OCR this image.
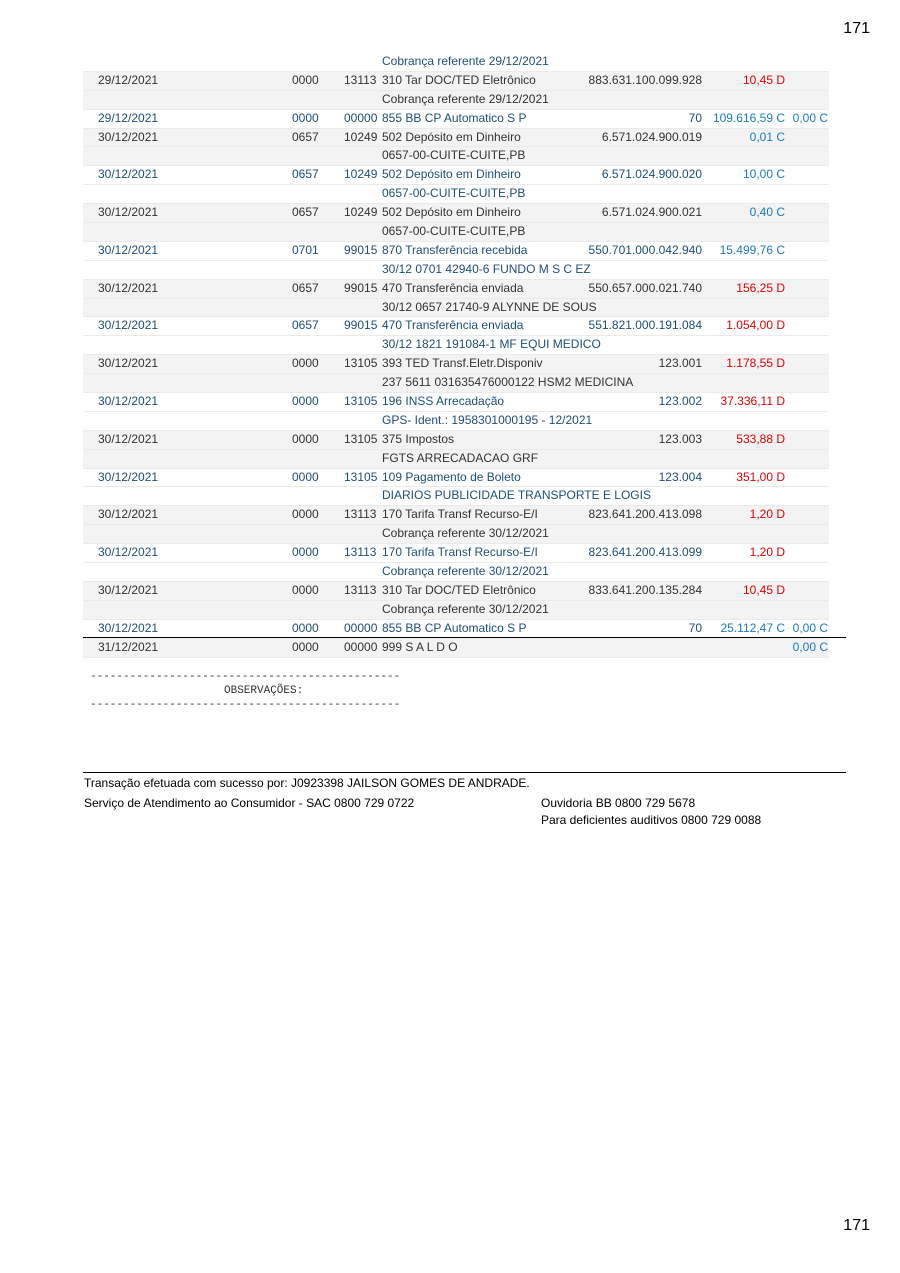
171
Cobrança referente 29/12/2021
29/12/2021	0000 13113 310 Tar DOC/TED Eletrônico	883.631.100.099.928	10,45 D
Cobrança referente 29/12/2021
29/12/2021	0000 00000 855 BB CP Automatico S P	70 109.616,59 C 0,00 C
30/12/2021	0657 10249 502 Depósito em Dinheiro	6.571.024.900.019	0,01 C
0657-00-CUITE-CUITE,PB
30/12/2021	0657 10249 502 Depósito em Dinheiro	6.571.024.900.020	10,00 C
0657-00-CUITE-CUITE,PB
30/12/2021	0657 10249 502 Depósito em Dinheiro	6.571.024.900.021	0,40 C
0657-00-CUITE-CUITE,PB
30/12/2021	0701 99015 870 Transferência recebida	550.701.000.042.940 15.499,76 C
30/12 0701 42940-6 FUNDO M S C EZ
30/12/2021	0657 99015 470 Transferência enviada	550.657.000.021.740	156,25 D
30/12 0657 21740-9 ALYNNE DE SOUS
30/12/2021	0657 99015 470 Transferência enviada	551.821.000.191.084 1.054,00 D
30/12 1821 191084-1 MF EQUI MEDICO
30/12/2021	0000 13105 393 TED Transf.Eletr.Disponiv	123.001 1.178,55 D
237 5611 031635476000122 HSM2 MEDICINA
30/12/2021	0000 13105 196 INSS Arrecadação	123.002 37.336,11 D
GPS- Ident.: 1958301000195 - 12/2021
30/12/2021	0000 13105 375 Impostos	123.003	533,88 D
FGTS ARRECADACAO GRF
30/12/2021	0000 13105 109 Pagamento de Boleto	123.004	351,00 D
DIARIOS PUBLICIDADE TRANSPORTE E LOGIS
30/12/2021	0000 13113 170 Tarifa Transf Recurso-E/I	823.641.200.413.098	1,20 D
Cobrança referente 30/12/2021
30/12/2021	0000 13113 170 Tarifa Transf Recurso-E/I	823.641.200.413.099	1,20 D
Cobrança referente 30/12/2021
30/12/2021	0000 13113 310 Tar DOC/TED Eletrônico	833.641.200.135.284	10,45 D
Cobrança referente 30/12/2021
30/12/2021	0000 00000 855 BB CP Automatico S P	70 25.112,47 C 0,00 C
31/12/2021	0000 00000 999 S A L D O	0,00 C
-----------------------------------------------
OBSERVAÇÕES:
-----------------------------------------------
Transação efetuada com sucesso por: J0923398 JAILSON GOMES DE ANDRADE.
Serviço de Atendimento ao Consumidor - SAC 0800 729 0722	Ouvidoria BB 0800 729 5678
Para deficientes auditivos 0800 729 0088
171
